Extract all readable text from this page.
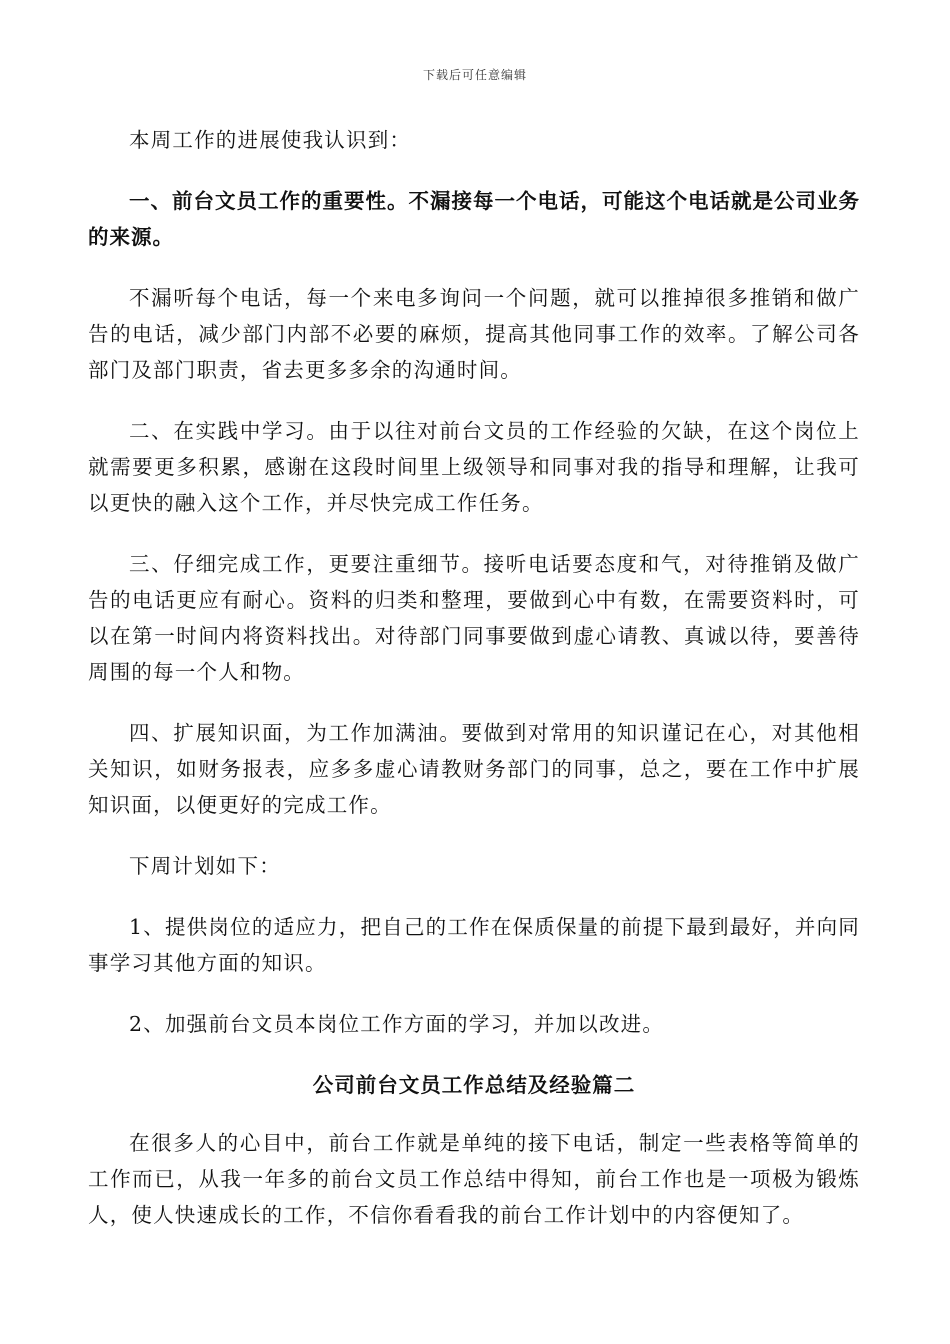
下载后可任意编辑

本周工作的进展使我认识到：

一、前台文员工作的重要性。不漏接每一个电话，可能这个电话就是公司业务的来源。

不漏听每个电话，每一个来电多询问一个问题，就可以推掉很多推销和做广告的电话，减少部门内部不必要的麻烦，提高其他同事工作的效率。了解公司各部门及部门职责，省去更多多余的沟通时间。

二、在实践中学习。由于以往对前台文员的工作经验的欠缺，在这个岗位上就需要更多积累，感谢在这段时间里上级领导和同事对我的指导和理解，让我可以更快的融入这个工作，并尽快完成工作任务。

三、仔细完成工作，更要注重细节。接听电话要态度和气，对待推销及做广告的电话更应有耐心。资料的归类和整理，要做到心中有数，在需要资料时，可以在第一时间内将资料找出。对待部门同事要做到虚心请教、真诚以待，要善待周围的每一个人和物。

四、扩展知识面，为工作加满油。要做到对常用的知识谨记在心，对其他相关知识，如财务报表，应多多虚心请教财务部门的同事，总之，要在工作中扩展知识面，以便更好的完成工作。

下周计划如下：

1、提供岗位的适应力，把自己的工作在保质保量的前提下最到最好，并向同事学习其他方面的知识。

2、加强前台文员本岗位工作方面的学习，并加以改进。

公司前台文员工作总结及经验篇二

在很多人的心目中，前台工作就是单纯的接下电话，制定一些表格等简单的工作而已，从我一年多的前台文员工作总结中得知，前台工作也是一项极为锻炼人，使人快速成长的工作，不信你看看我的前台工作计划中的内容便知了。
